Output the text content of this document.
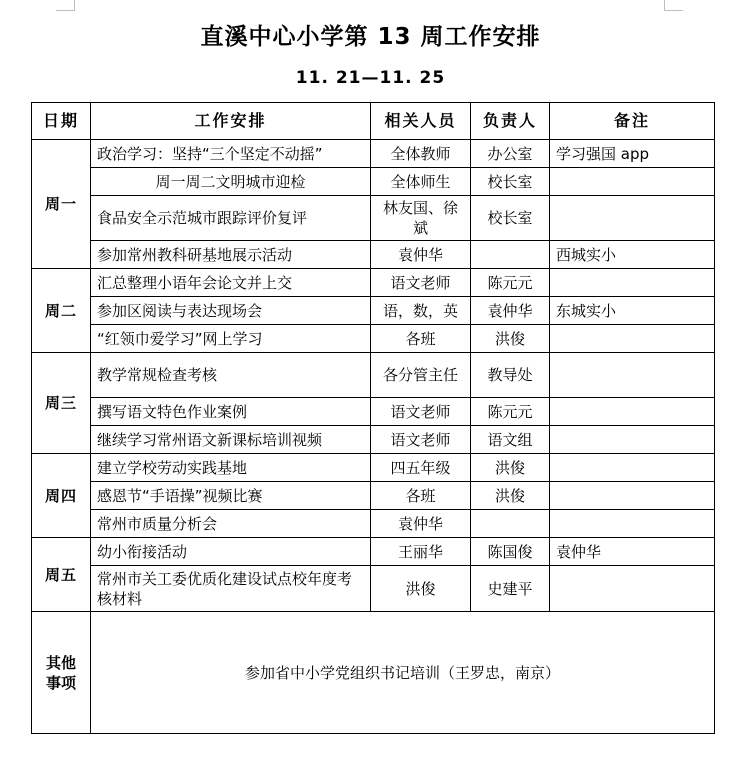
直溪中心小学第 13 周工作安排
11. 21—11. 25
日期	工作安排	相关人员	负责人	备注
周一	政治学习：坚持“三个坚定不动摇”	全体教师	办公室	学习强国 app
	周一周二文明城市迎检	全体师生	校长室	
	食品安全示范城市跟踪评价复评	林友国、徐斌	校长室	
	参加常州教科研基地展示活动	袁仲华		西城实小
周二	汇总整理小语年会论文并上交	语文老师	陈元元	
	参加区阅读与表达现场会	语，数，英	袁仲华	东城实小
	“红领巾爱学习”网上学习	各班	洪俊	
周三	教学常规检查考核	各分管主任	教导处	
	撰写语文特色作业案例	语文老师	陈元元	
	继续学习常州语文新课标培训视频	语文老师	语文组	
周四	建立学校劳动实践基地	四五年级	洪俊	
	感恩节“手语操”视频比赛	各班	洪俊	
	常州市质量分析会	袁仲华		
周五	幼小衔接活动	王丽华	陈国俊	袁仲华
	常州市关工委优质化建设试点校年度考核材料	洪俊	史建平	

其他
事项	参加省中小学党组织书记培训（王罗忠，南京）			
